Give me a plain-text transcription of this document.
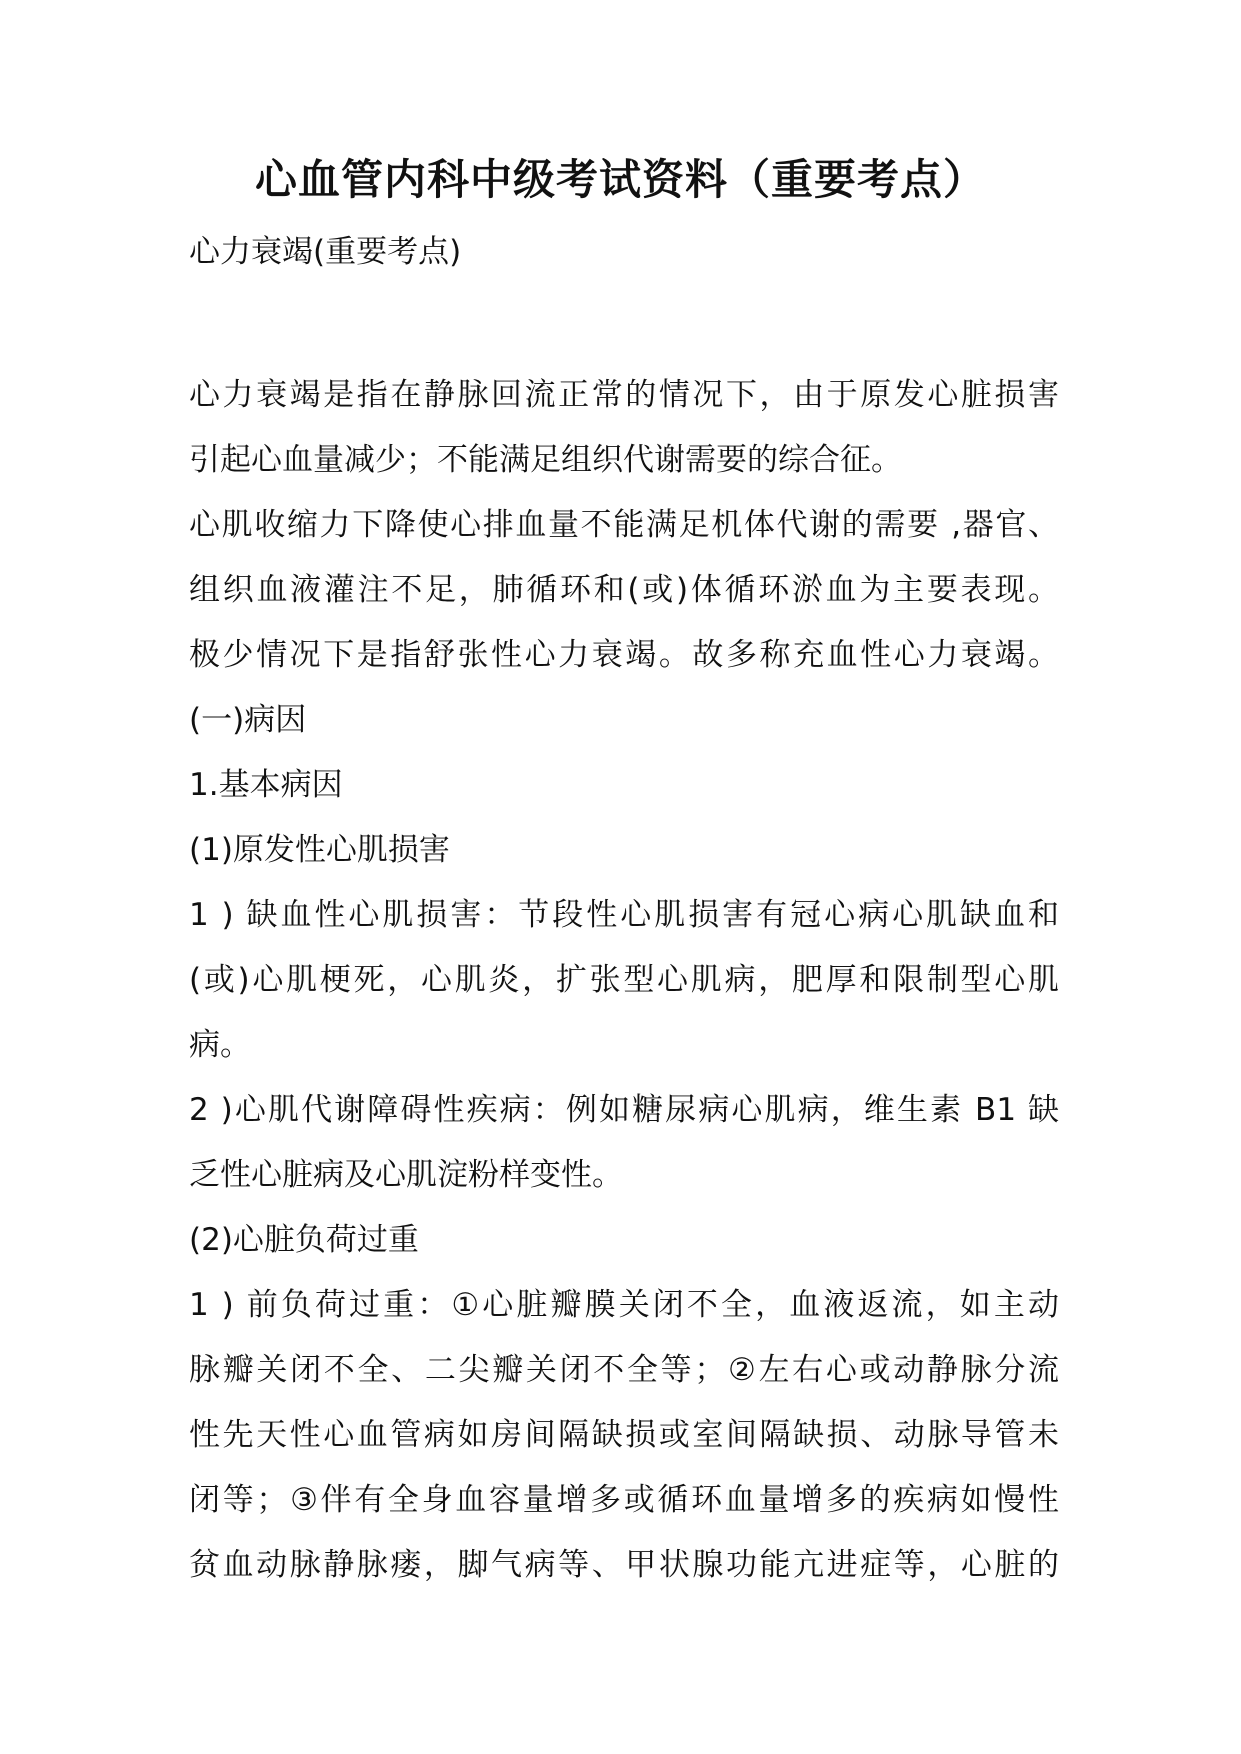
心血管内科中级考试资料（重要考点）
心力衰竭(重要考点)
心力衰竭是指在静脉回流正常的情况下，由于原发心脏损害
引起心血量减少；不能满足组织代谢需要的综合征。
心肌收缩力下降使心排血量不能满足机体代谢的需要 ,器官、
组织血液灌注不足，肺循环和(或)体循环淤血为主要表现。
极少情况下是指舒张性心力衰竭。故多称充血性心力衰竭。
(一)病因
1.基本病因
(1)原发性心肌损害
1 ) 缺血性心肌损害：节段性心肌损害有冠心病心肌缺血和
(或)心肌梗死，心肌炎，扩张型心肌病，肥厚和限制型心肌
病。
2 )心肌代谢障碍性疾病：例如糖尿病心肌病，维生素 B1 缺
乏性心脏病及心肌淀粉样变性。
(2)心脏负荷过重
1 ) 前负荷过重：①心脏瓣膜关闭不全，血液返流，如主动
脉瓣关闭不全、二尖瓣关闭不全等；②左右心或动静脉分流
性先天性心血管病如房间隔缺损或室间隔缺损、动脉导管未
闭等；③伴有全身血容量增多或循环血量增多的疾病如慢性
贫血动脉静脉瘘，脚气病等、甲状腺功能亢进症等，心脏的
